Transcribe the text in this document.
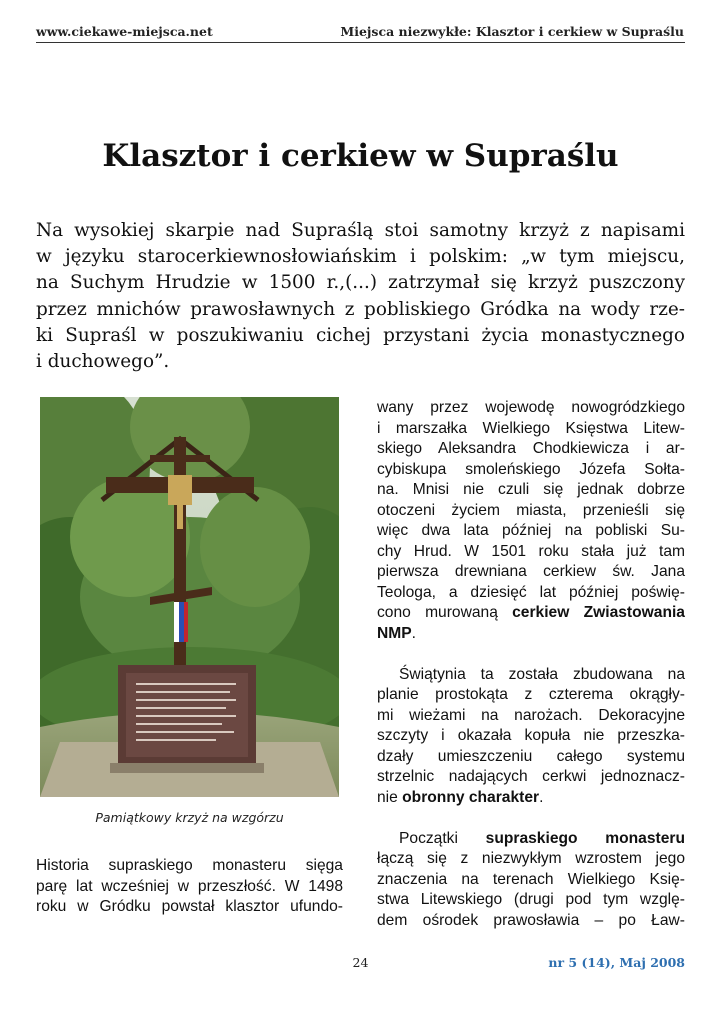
www.ciekawe-miejsca.net	Miejsca niezwykłe: Klasztor i cerkiew w Supraślu
Klasztor i cerkiew w Supraślu
Na wysokiej skarpie nad Supraślą stoi samotny krzyż z napisami
w języku starocerkiewnosłowiańskim i polskim: „w tym miejscu,
na Suchym Hrudzie w 1500 r.,(...) zatrzymał się krzyż puszczony
przez mnichów prawosławnych z pobliskiego Gródka na wody rze-
ki Supraśl w poszukiwaniu cichej przystani życia monastycznego
i duchowego”.
Pamiątkowy krzyż na wzgórzu
Historia supraskiego monasteru sięga
parę lat wcześniej w przeszłość. W 1498
roku w Gródku powstał klasztor ufundo-
wany przez wojewodę nowogródzkiego
i marszałka Wielkiego Księstwa Litew-
skiego Aleksandra Chodkiewicza i ar-
cybiskupa smoleńskiego Józefa Sołta-
na. Mnisi nie czuli się jednak dobrze
otoczeni życiem miasta, przenieśli się
więc dwa lata później na pobliski Su-
chy Hrud. W 1501 roku stała już tam
pierwsza drewniana cerkiew św. Jana
Teologa, a dziesięć lat później poświę-
cono murowaną cerkiew Zwiastowania
NMP.
Świątynia ta została zbudowana na
planie prostokąta z czterema okrągły-
mi wieżami na narożach. Dekoracyjne
szczyty i okazała kopuła nie przeszka-
dzały umieszczeniu całego systemu
strzelnic nadających cerkwi jednoznacz-
nie obronny charakter.
Początki supraskiego monasteru
łączą się z niezwykłym wzrostem jego
znaczenia na terenach Wielkiego Księ-
stwa Litewskiego (drugi pod tym wzglę-
dem ośrodek prawosławia – po Ław-
24	nr 5 (14), Maj 2008
